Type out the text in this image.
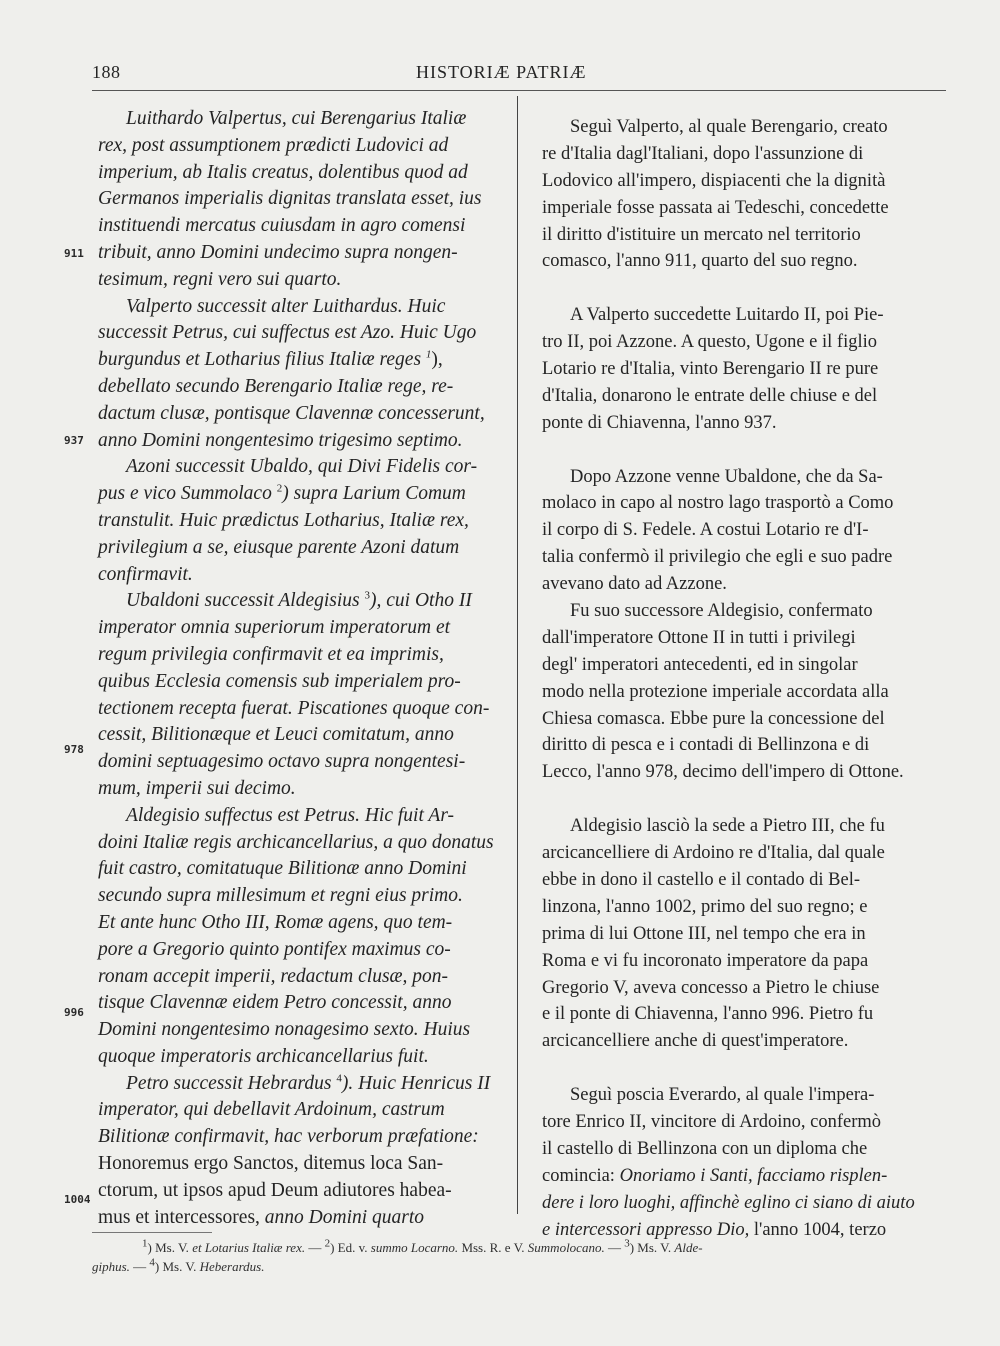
188	HISTORIÆ PATRIÆ
911
937
978
996
1004
Luithardo Valpertus, cui Berengarius Italiæ
rex, post assumptionem prædicti Ludovici ad
imperium, ab Italis creatus, dolentibus quod ad
Germanos imperialis dignitas translata esset, ius
instituendi mercatus cuiusdam in agro comensi
tribuit, anno Domini undecimo supra nongen-
tesimum, regni vero sui quarto.
Valperto successit alter Luithardus. Huic
successit Petrus, cui suffectus est Azo. Huic Ugo
burgundus et Lotharius filius Italiæ reges $^1$),
debellato secundo Berengario Italiæ rege, re-
dactum clusæ, pontisque Clavennæ concesserunt,
anno Domini nongentesimo trigesimo septimo.
Azoni successit Ubaldo, qui Divi Fidelis cor-
pus e vico Summolaco $^2$) supra Larium Comum
transtulit. Huic prædictus Lotharius, Italiæ rex,
privilegium a se, eiusque parente Azoni datum
confirmavit.
Ubaldoni successit Aldegisius $^3$), cui Otho II
imperator omnia superiorum imperatorum et
regum privilegia confirmavit et ea imprimis,
quibus Ecclesia comensis sub imperialem pro-
tectionem recepta fuerat. Piscationes quoque con-
cessit, Bilitionæque et Leuci comitatum, anno
domini septuagesimo octavo supra nongentesi-
mum, imperii sui decimo.
Aldegisio suffectus est Petrus. Hic fuit Ar-
doini Italiæ regis archicancellarius, a quo donatus
fuit castro, comitatuque Bilitionæ anno Domini
secundo supra millesimum et regni eius primo.
Et ante hunc Otho III, Romæ agens, quo tem-
pore a Gregorio quinto pontifex maximus co-
ronam accepit imperii, redactum clusæ, pon-
tisque Clavennæ eidem Petro concessit, anno
Domini nongentesimo nonagesimo sexto. Huius
quoque imperatoris archicancellarius fuit.
Petro successit Hebrardus $^4$). Huic Henricus II
imperator, qui debellavit Ardoinum, castrum
Bilitionæ confirmavit, hac verborum præfatione:
Honoremus ergo Sanctos, ditemus loca San-
ctorum, ut ipsos apud Deum adiutores habea-
mus et intercessores, anno Domini quarto
Seguì Valperto, al quale Berengario, creato
re d'Italia dagl'Italiani, dopo l'assunzione di
Lodovico all'impero, dispiacenti che la dignità
imperiale fosse passata ai Tedeschi, concedette
il diritto d'istituire un mercato nel territorio
comasco, l'anno 911, quarto del suo regno.
A Valperto succedette Luitardo II, poi Pie-
tro II, poi Azzone. A questo, Ugone e il figlio
Lotario re d'Italia, vinto Berengario II re pure
d'Italia, donarono le entrate delle chiuse e del
ponte di Chiavenna, l'anno 937.
Dopo Azzone venne Ubaldone, che da Sa-
molaco in capo al nostro lago trasportò a Como
il corpo di S. Fedele. A costui Lotario re d'I-
talia confermò il privilegio che egli e suo padre
avevano dato ad Azzone.
Fu suo successore Aldegisio, confermato
dall'imperatore Ottone II in tutti i privilegi
degl' imperatori antecedenti, ed in singolar
modo nella protezione imperiale accordata alla
Chiesa comasca. Ebbe pure la concessione del
diritto di pesca e i contadi di Bellinzona e di
Lecco, l'anno 978, decimo dell'impero di Ottone.
Aldegisio lasciò la sede a Pietro III, che fu
arcicancelliere di Ardoino re d'Italia, dal quale
ebbe in dono il castello e il contado di Bel-
linzona, l'anno 1002, primo del suo regno; e
prima di lui Ottone III, nel tempo che era in
Roma e vi fu incoronato imperatore da papa
Gregorio V, aveva concesso a Pietro le chiuse
e il ponte di Chiavenna, l'anno 996. Pietro fu
arcicancelliere anche di quest'imperatore.
Seguì poscia Everardo, al quale l'impera-
tore Enrico II, vincitore di Ardoino, confermò
il castello di Bellinzona con un diploma che
comincia: Onoriamo i Santi, facciamo risplen-
dere i loro luoghi, affinchè eglino ci siano di aiuto
e intercessori appresso Dio, l'anno 1004, terzo
$^1$) Ms. V. et Lotarius Italiæ rex. — $^2$) Ed. v. summo Locarno. Mss. R. e V. Summolocano. — $^3$) Ms. V. Alde-
giphus. — $^4$) Ms. V. Heberardus.
